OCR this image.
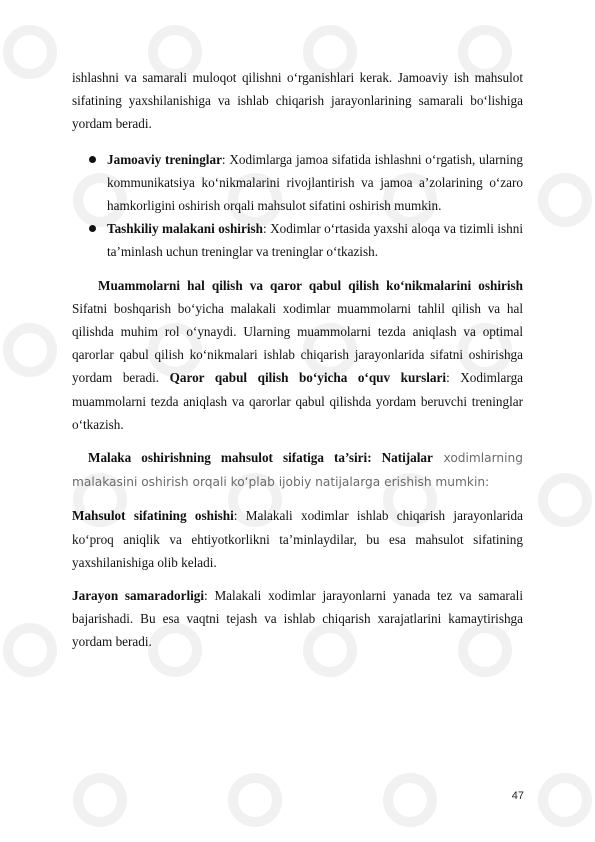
ishlashni va samarali muloqot qilishni o‘rganishlari kerak. Jamoaviy ish mahsulot sifatining yaxshilanishiga va ishlab chiqarish jarayonlarining samarali bo‘lishiga yordam beradi.

Jamoaviy treninglar: Xodimlarga jamoa sifatida ishlashni o‘rgatish, ularning kommunikatsiya ko‘nikmalarini rivojlantirish va jamoa a’zolarining o‘zaro hamkorligini oshirish orqali mahsulot sifatini oshirish mumkin.
Tashkiliy malakani oshirish: Xodimlar o‘rtasida yaxshi aloqa va tizimli ishni ta’minlash uchun treninglar va treninglar o‘tkazish.

Muammolarni hal qilish va qaror qabul qilish ko‘nikmalarini oshirish Sifatni boshqarish bo‘yicha malakali xodimlar muammolarni tahlil qilish va hal qilishda muhim rol o‘ynaydi. Ularning muammolarni tezda aniqlash va optimal qarorlar qabul qilish ko‘nikmalari ishlab chiqarish jarayonlarida sifatni oshirishga yordam beradi. Qaror qabul qilish bo‘yicha o‘quv kurslari: Xodimlarga muammolarni tezda aniqlash va qarorlar qabul qilishda yordam beruvchi treninglar o‘tkazish.

Malaka oshirishning mahsulot sifatiga ta’siri: Natijalar xodimlarning malakasini oshirish orqali ko‘plab ijobiy natijalarga erishish mumkin:

Mahsulot sifatining oshishi: Malakali xodimlar ishlab chiqarish jarayonlarida ko‘proq aniqlik va ehtiyotkorlikni ta’minlaydilar, bu esa mahsulot sifatining yaxshilanishiga olib keladi.

Jarayon samaradorligi: Malakali xodimlar jarayonlarni yanada tez va samarali bajarishadi. Bu esa vaqtni tejash va ishlab chiqarish xarajatlarini kamaytirishga yordam beradi.

47
